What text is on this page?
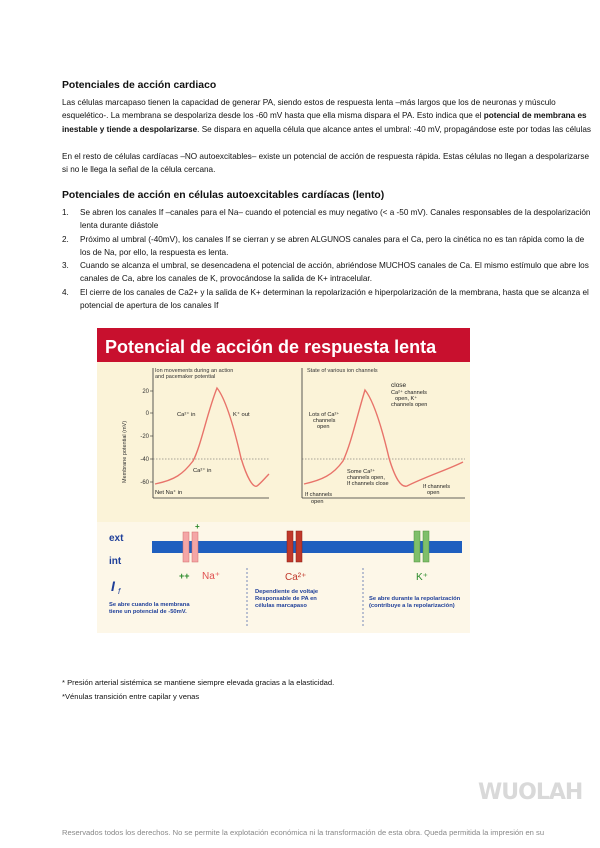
Potenciales de acción cardiaco

Las células marcapaso tienen la capacidad de generar PA, siendo estos de respuesta lenta –más largos que los de neuronas y músculo esquelético-. La membrana se despolariza desde los -60 mV hasta que ella misma dispara el PA. Esto indica que el potencial de membrana es inestable y tiende a despolarizarse. Se dispara en aquella célula que alcance antes el umbral: -40 mV, propagándose este por todas las células

En el resto de células cardíacas –NO autoexcitables– existe un potencial de acción de respuesta rápida. Estas células no llegan a despolarizarse si no le llega la señal de la célula cercana.

Potenciales de acción en células autoexcitables cardíacas (lento)
1. Se abren los canales If –canales para el Na– cuando el potencial es muy negativo (< a -50 mV). Canales responsables de la despolarización lenta durante diástole
2. Próximo al umbral (-40mV), los canales If se cierran y se abren ALGUNOS canales para el Ca, pero la cinética no es tan rápida como la de los de Na, por ello, la respuesta es lenta.
3. Cuando se alcanza el umbral, se desencadena el potencial de acción, abriéndose MUCHOS canales de Ca. El mismo estímulo que abre los canales de Ca, abre los canales de K, provocándose la salida de K+ intracelular.
4. El cierre de los canales de Ca2+ y la salida de K+ determinan la repolarización e hiperpolarización de la membrana, hasta que se alcanza el potencial de apertura de los canales If
Potencial de acción de respuesta lenta
Membrane potential (mV)
Ion movements during an action
and pacemaker potential
20
0
-20
-40
-60
Ca²⁺ in	K⁺ out
Ca²⁺ in
Net Na⁺ in
State of various ion channels
close
Ca²⁺ channels
open, K⁺
channels open
Lots of Ca²⁺
channels
open
Some Ca²⁺
channels open,
If channels close
If channels
open
If channels
open
ext
int
+
++ Na⁺
I f
Ca²⁺	K⁺
Se abre cuando la membrana
tiene un potencial de -50mV.
Dependiente de voltaje
Responsable de PA en
células marcapaso
Se abre durante la repolarización
(contribuye a la repolarización)
* Presión arterial sistémica se mantiene siempre elevada gracias a la elasticidad.
*Vénulas transición entre capilar y venas
WUOLAH
Reservados todos los derechos. No se permite la explotación económica ni la transformación de esta obra. Queda permitida la impresión en su
